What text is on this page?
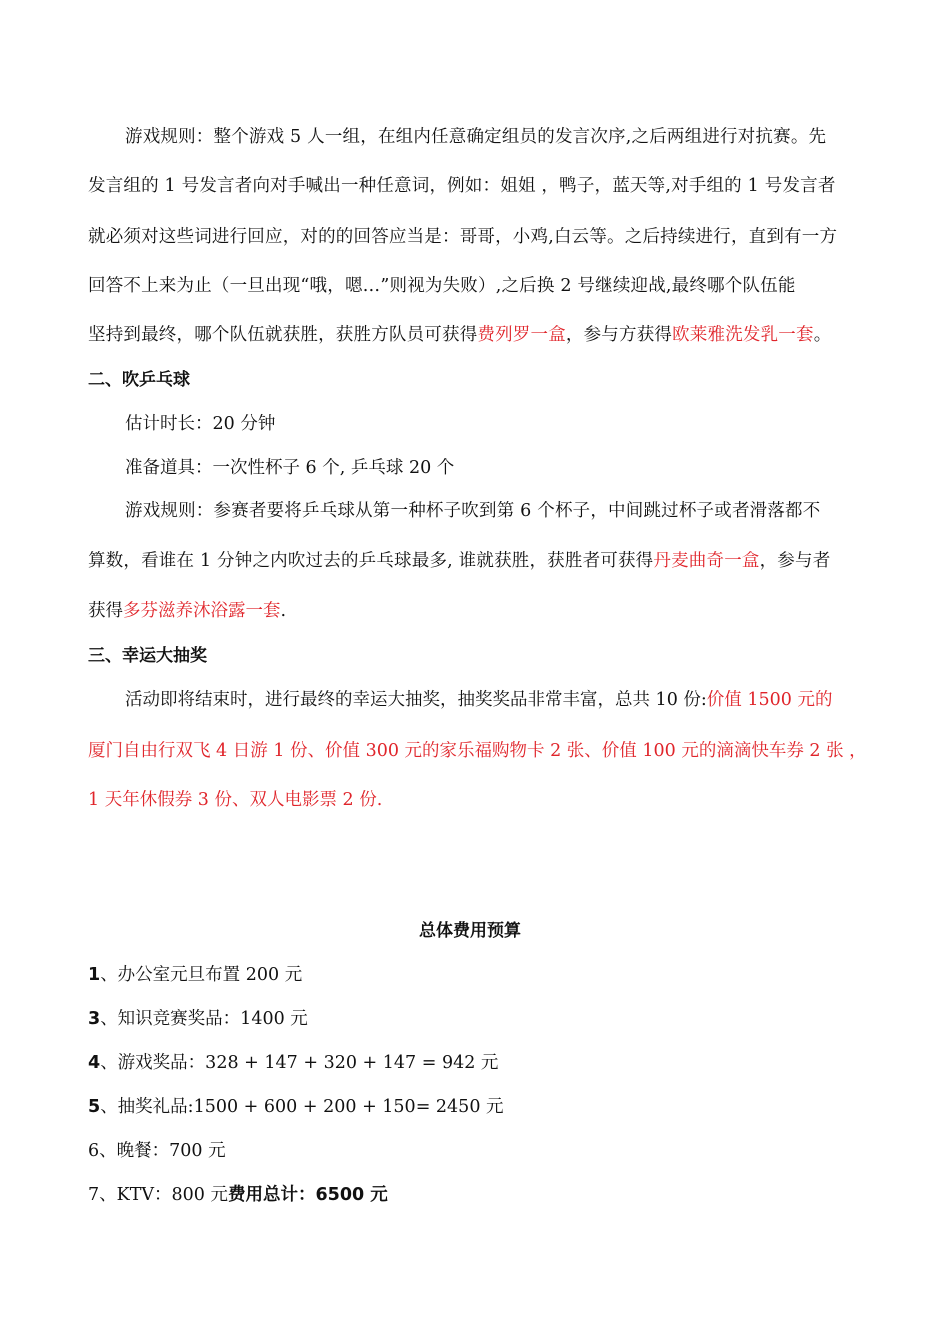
游戏规则：整个游戏 5 人一组，在组内任意确定组员的发言次序,之后两组进行对抗赛。先

发言组的 1 号发言者向对手喊出一种任意词，例如：姐姐 ，鸭子，蓝天等,对手组的 1 号发言者

就必须对这些词进行回应，对的的回答应当是：哥哥，小鸡,白云等。之后持续进行，直到有一方

回答不上来为止（一旦出现“哦，嗯…”则视为失败）,之后换 2 号继续迎战,最终哪个队伍能

坚持到最终，哪个队伍就获胜，获胜方队员可获得费列罗一盒，参与方获得欧莱雅洗发乳一套。

二、吹乒乓球

估计时长：20 分钟

准备道具：一次性杯子 6 个, 乒乓球 20 个

游戏规则：参赛者要将乒乓球从第一种杯子吹到第 6 个杯子，中间跳过杯子或者滑落都不

算数，看谁在 1 分钟之内吹过去的乒乓球最多, 谁就获胜，获胜者可获得丹麦曲奇一盒，参与者

获得多芬滋养沐浴露一套.

三、幸运大抽奖

活动即将结束时，进行最终的幸运大抽奖，抽奖奖品非常丰富，总共 10 份:价值 1500 元的

厦门自由行双飞 4 日游 1 份、价值 300 元的家乐福购物卡 2 张、价值 100 元的滴滴快车券 2 张 ，

1 天年休假券 3 份、双人电影票 2 份.

总体费用预算

1、办公室元旦布置 200 元

3、知识竞赛奖品：1400 元

4、游戏奖品：328 + 147 + 320 + 147 = 942 元

5、抽奖礼品:1500 + 600 + 200 + 150= 2450 元

6、晚餐：700 元

7、KTV：800 元费用总计：6500 元
